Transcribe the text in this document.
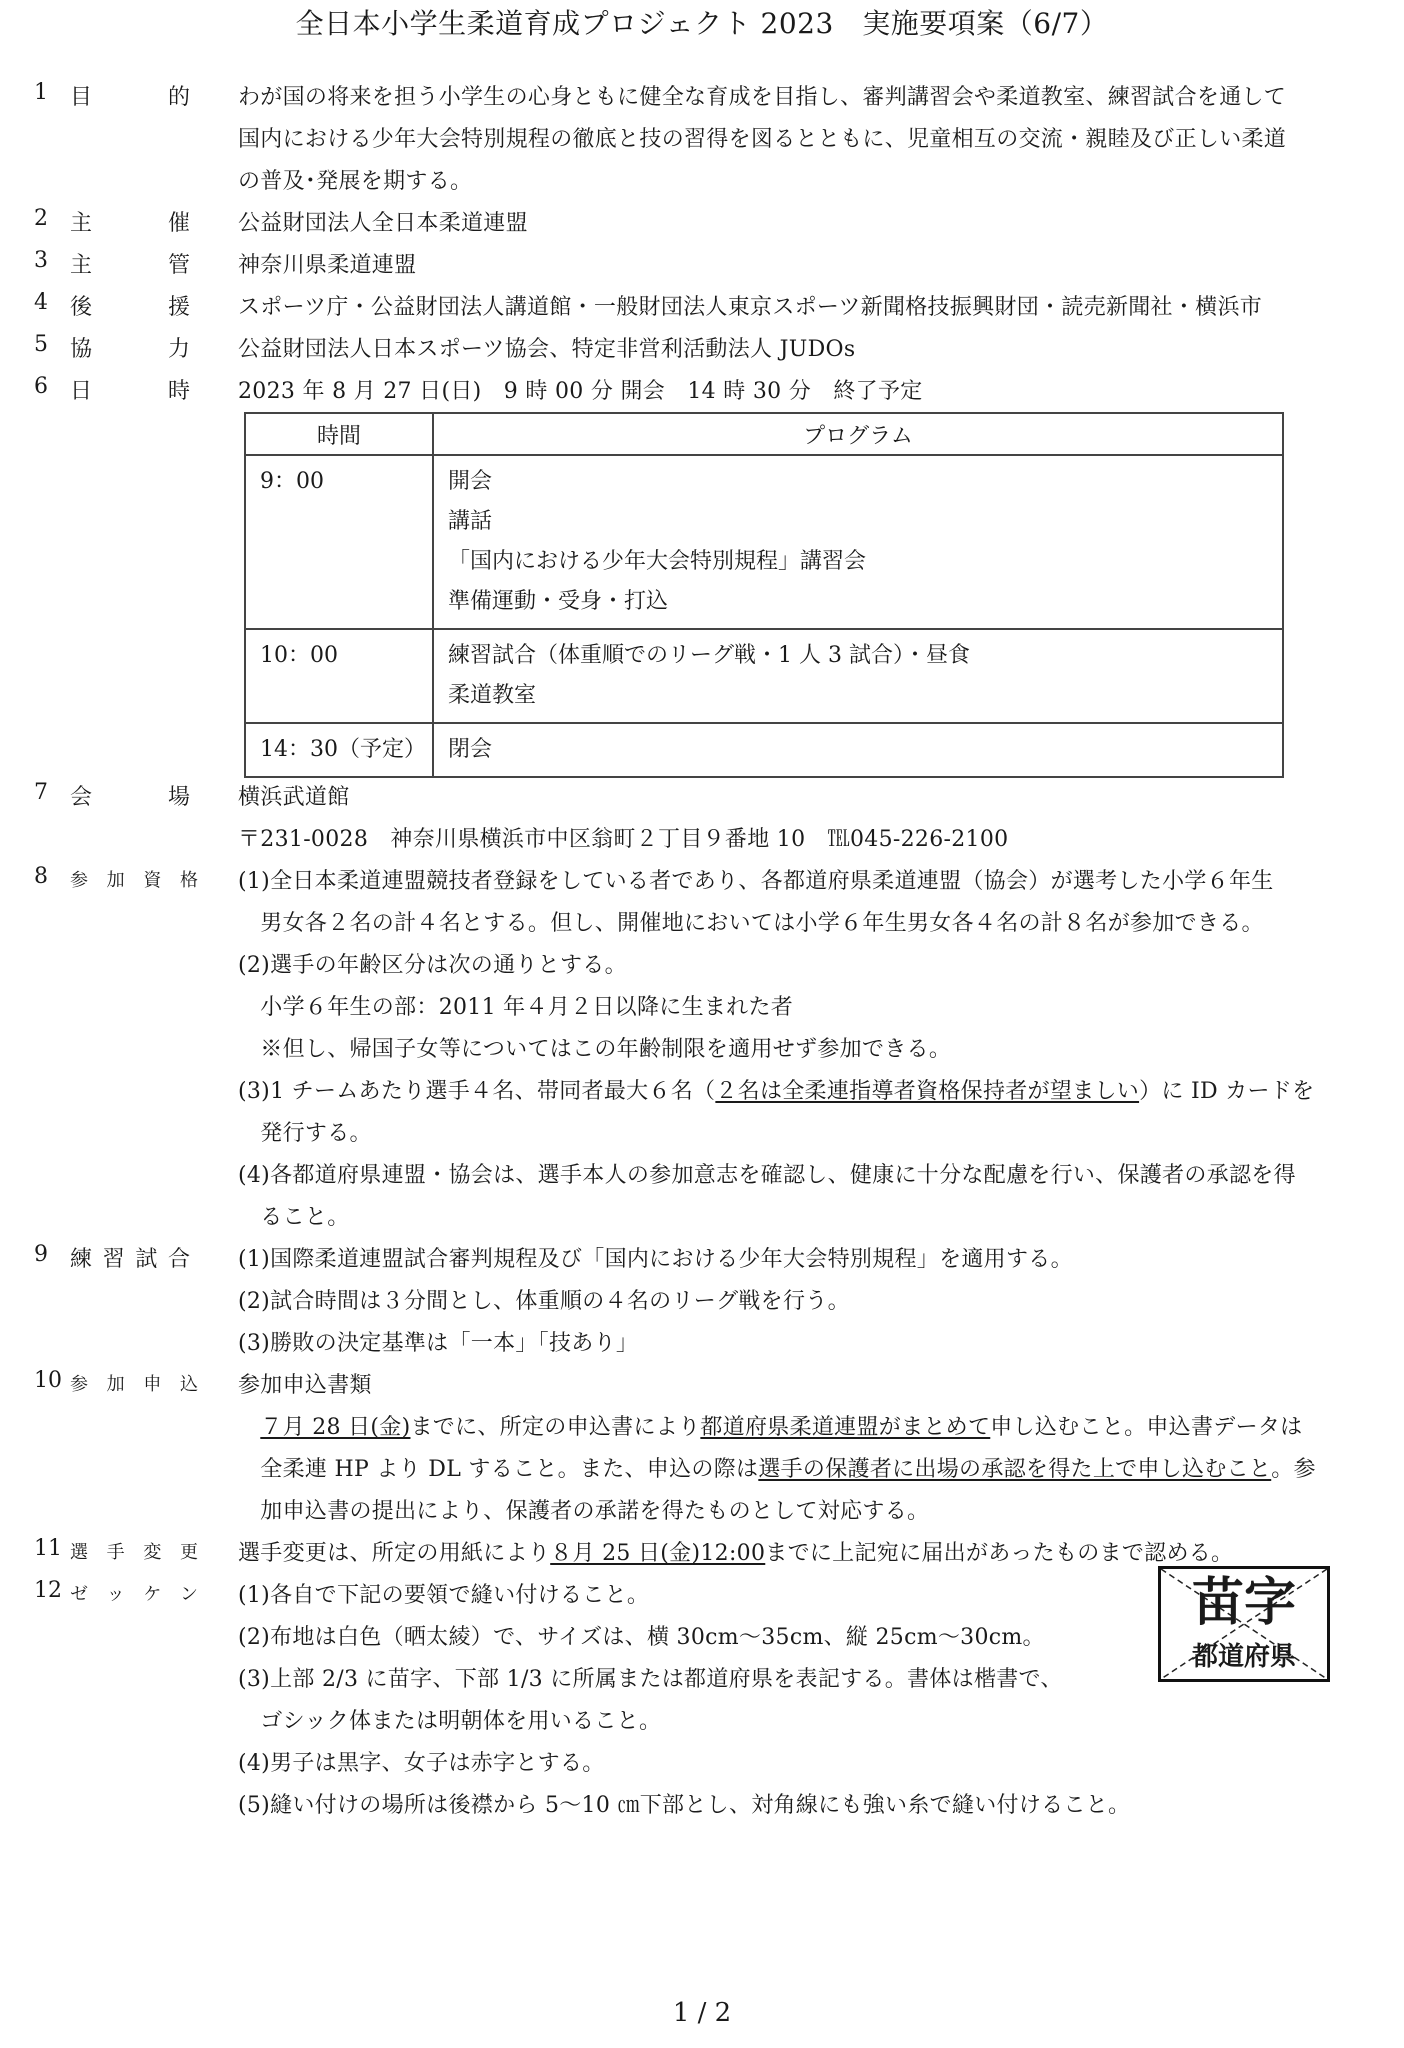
全日本小学生柔道育成プロジェクト 2023　実施要項案（6/7）
1	目	的 わが国の将来を担う小学生の心身ともに健全な育成を目指し、審判講習会や柔道教室、練習試合を通して
国内における少年大会特別規程の徹底と技の習得を図るとともに、児童相互の交流・親睦及び正しい柔道
の普及･発展を期する。
2	主	催 公益財団法人全日本柔道連盟
3	主	管 神奈川県柔道連盟
4	後	援 スポーツ庁・公益財団法人講道館・一般財団法人東京スポーツ新聞格技振興財団・読売新聞社・横浜市
5	協	力 公益財団法人日本スポーツ協会、特定非営利活動法人 JUDOs
6	日	時 2023 年 8 月 27 日(日)　9 時 00 分 開会　14 時 30 分　終了予定
時間	プログラム
9：00	開会
講話
「国内における少年大会特別規程」講習会
準備運動・受身・打込

10：00	練習試合（体重順でのリーグ戦・1 人 3 試合）・昼食
柔道教室

14：30（予定）	閉会
7	会	場 横浜武道館
〒231-0028　神奈川県横浜市中区翁町２丁目９番地 10　℡045-226-2100
8	参 加 資 格 (1)全日本柔道連盟競技者登録をしている者であり、各都道府県柔道連盟（協会）が選考した小学６年生
　男女各２名の計４名とする。但し、開催地においては小学６年生男女各４名の計８名が参加できる。
(2)選手の年齢区分は次の通りとする。
　小学６年生の部：2011 年４月２日以降に生まれた者
　※但し、帰国子女等についてはこの年齢制限を適用せず参加できる。
(3)1 チームあたり選手４名、帯同者最大６名（２名は全柔連指導者資格保持者が望ましい）に ID カードを
　発行する。
(4)各都道府県連盟・協会は、選手本人の参加意志を確認し、健康に十分な配慮を行い、保護者の承認を得
　ること。
9	練 習 試 合 (1)国際柔道連盟試合審判規程及び「国内における少年大会特別規程」を適用する。
(2)試合時間は３分間とし、体重順の４名のリーグ戦を行う。
(3)勝敗の決定基準は「一本」「技あり」
10 参 加 申 込 参加申込書類
　７月 28 日(金)までに、所定の申込書により都道府県柔道連盟がまとめて申し込むこと。申込書データは
　全柔連 HP より DL すること。また、申込の際は選手の保護者に出場の承認を得た上で申し込むこと。参
　加申込書の提出により、保護者の承諾を得たものとして対応する。
11 選 手 変 更 選手変更は、所定の用紙により８月 25 日(金)12:00までに上記宛に届出があったものまで認める。
12 ゼ ッ ケ ン (1)各自で下記の要領で縫い付けること。
(2)布地は白色（晒太綾）で、サイズは、横 30cm～35cm、縦 25cm～30cm。
(3)上部 2/3 に苗字、下部 1/3 に所属または都道府県を表記する。書体は楷書で、
　ゴシック体または明朝体を用いること。
(4)男子は黒字、女子は赤字とする。
(5)縫い付けの場所は後襟から 5～10 ㎝下部とし、対角線にも強い糸で縫い付けること。
苗字
都道府県
1 / 2
